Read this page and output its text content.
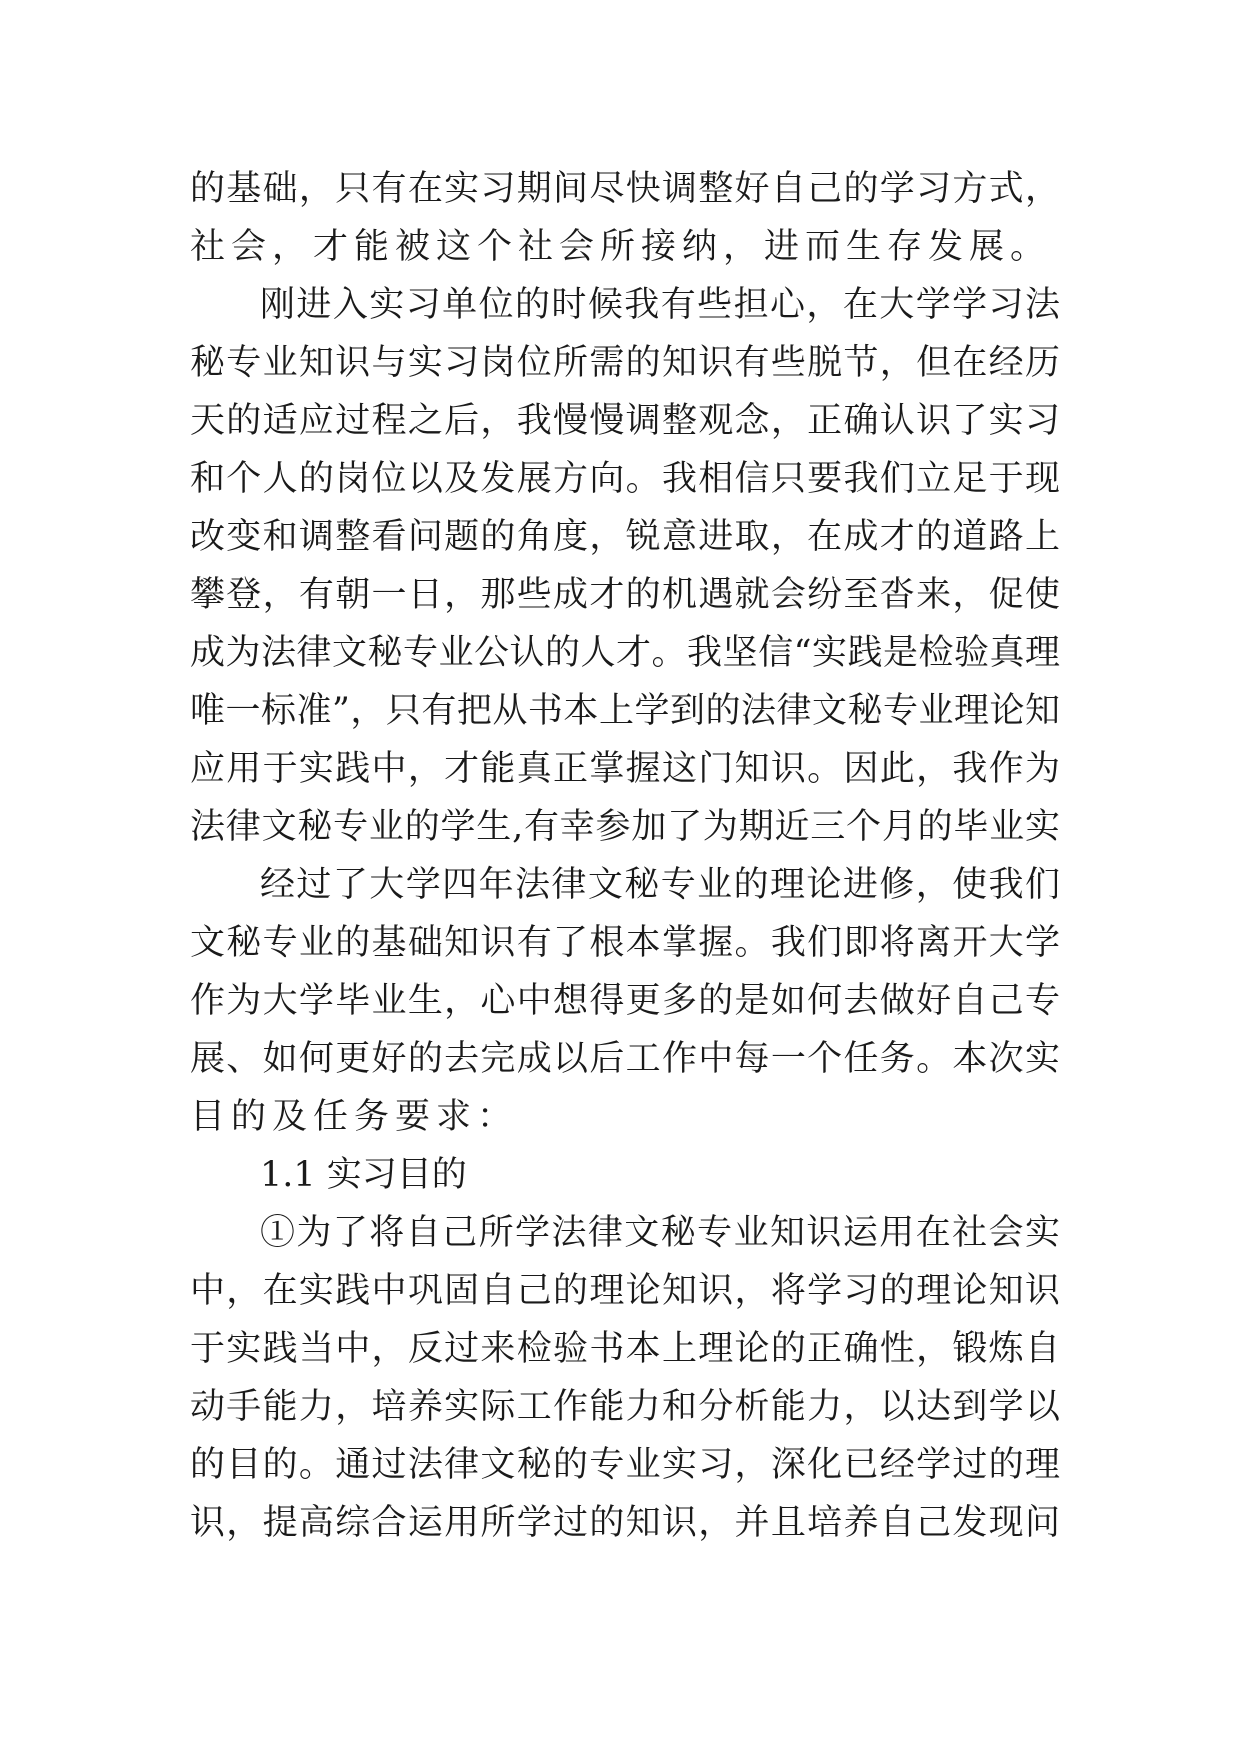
的基础，只有在实习期间尽快调整好自己的学习方式，
社会，才能被这个社会所接纳，进而生存发展。
刚进入实习单位的时候我有些担心，在大学学习法
秘专业知识与实习岗位所需的知识有些脱节，但在经历
天的适应过程之后，我慢慢调整观念，正确认识了实习
和个人的岗位以及发展方向。我相信只要我们立足于现
改变和调整看问题的角度，锐意进取，在成才的道路上
攀登，有朝一日，那些成才的机遇就会纷至沓来，促使
成为法律文秘专业公认的人才。我坚信“实践是检验真理
唯一标准”，只有把从书本上学到的法律文秘专业理论知
应用于实践中，才能真正掌握这门知识。因此，我作为
法律文秘专业的学生,有幸参加了为期近三个月的毕业实
经过了大学四年法律文秘专业的理论进修，使我们
文秘专业的基础知识有了根本掌握。我们即将离开大学
作为大学毕业生，心中想得更多的是如何去做好自己专
展、如何更好的去完成以后工作中每一个任务。本次实
目的及任务要求：
1.1 实习目的
①为了将自己所学法律文秘专业知识运用在社会实
中，在实践中巩固自己的理论知识，将学习的理论知识
于实践当中，反过来检验书本上理论的正确性，锻炼自
动手能力，培养实际工作能力和分析能力，以达到学以
的目的。通过法律文秘的专业实习，深化已经学过的理
识，提高综合运用所学过的知识，并且培养自己发现问
